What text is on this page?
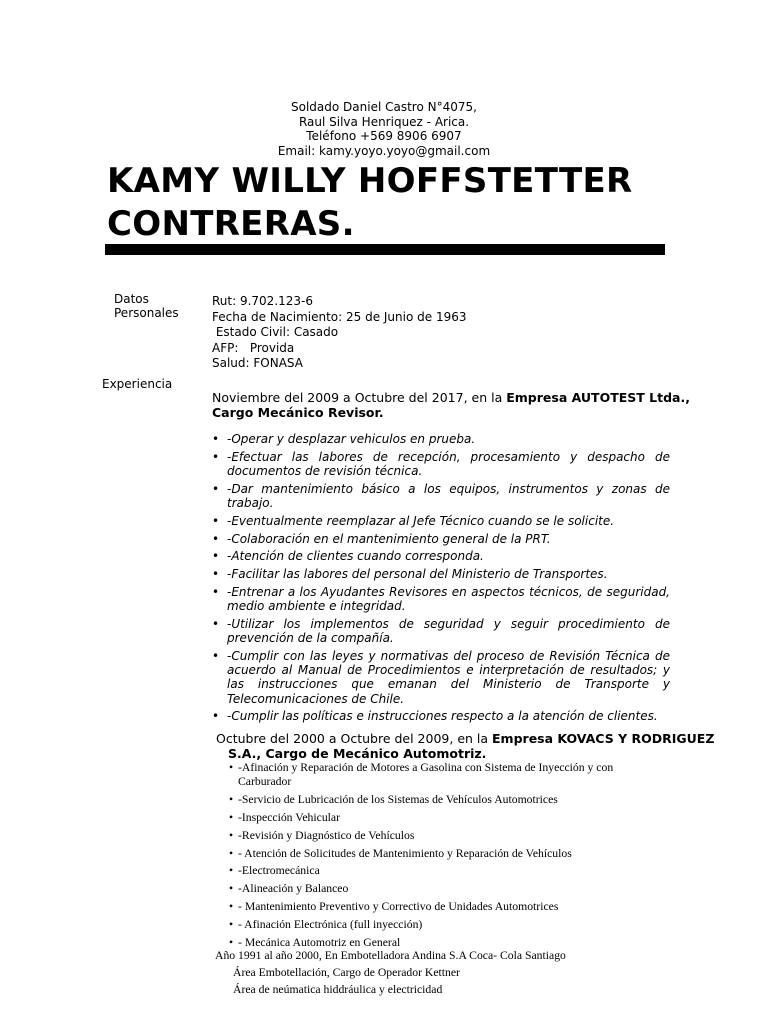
Soldado Daniel Castro N°4075,
Raul Silva Henriquez - Arica.
Teléfono +569 8906 6907
Email: kamy.yoyo.yoyo@gmail.com
KAMY WILLY HOFFSTETTER
CONTRERAS.
Datos
Personales
Rut: 9.702.123-6
Fecha de Nacimiento: 25 de Junio de 1963
Estado Civil: Casado
AFP:   Provida
Salud: FONASA
Experiencia
Noviembre del 2009 a Octubre del 2017, en la Empresa AUTOTEST Ltda.,
Cargo Mecánico Revisor.
• -Operar y desplazar vehiculos en prueba.
• -Efectuar las labores de recepción, procesamiento y despacho de documentos de revisión técnica.
• -Dar mantenimiento básico a los equipos, instrumentos y zonas de trabajo.
• -Eventualmente reemplazar al Jefe Técnico cuando se le solicite.
• -Colaboración en el mantenimiento general de la PRT.
• -Atención de clientes cuando corresponda.
• -Facilitar las labores del personal del Ministerio de Transportes.
• -Entrenar a los Ayudantes Revisores en aspectos técnicos, de seguridad, medio ambiente e integridad.
• -Utilizar los implementos de seguridad y seguir procedimiento de prevención de la compañía.
• -Cumplir con las leyes y normativas del proceso de Revisión Técnica de acuerdo al Manual de Procedimientos e interpretación de resultados; y las instrucciones que emanan del Ministerio de Transporte y Telecomunicaciones de Chile.
• -Cumplir las políticas e instrucciones respecto a la atención de clientes.
Octubre del 2000 a Octubre del 2009, en la Empresa KOVACS Y RODRIGUEZ
S.A., Cargo de Mecánico Automotriz.
• -Afinación y Reparación de Motores a Gasolina con Sistema de Inyección y con Carburador
• -Servicio de Lubricación de los Sistemas de Vehículos Automotrices
• -Inspección Vehicular
• -Revisión y Diagnóstico de Vehículos
• - Atención de Solicitudes de Mantenimiento y Reparación de Vehículos
• -Electromecánica
• -Alineación y Balanceo
• - Mantenimiento Preventivo y Correctivo de Unidades Automotrices
• - Afinación Electrónica (full inyección)
• - Mecánica Automotriz en General
Año 1991 al año 2000, En Embotelladora Andina S.A Coca- Cola Santiago
Área Embotellación, Cargo de Operador Kettner
Área de neúmatica hiddráulica y electricidad
